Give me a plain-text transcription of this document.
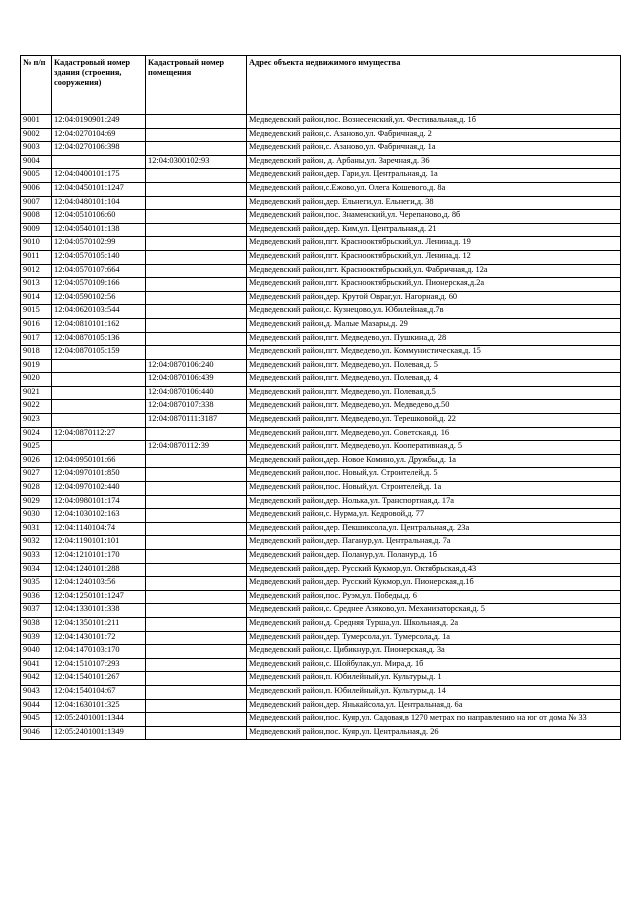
№ п/п	Кадастровый номер здания (строения, сооружения)	Кадастровый номер помещения	Адрес объекта недвижимого имущества
9001	12:04:0190901:249		Медведевский район,пос. Вознесенский,ул. Фестивальная,д. 1б
9002	12:04:0270104:69		Медведевский район,с. Азаново,ул. Фабричная,д. 2
9003	12:04:0270106:398		Медведевский район,с. Азаново,ул. Фабричная,д. 1а
9004		12:04:0300102:93	Медведевский район, д. Арбаны,ул. Заречная,д. 36
9005	12:04:0400101:175		Медведевский район,дер. Гари,ул. Центральная,д. 1а
9006	12:04:0450101:1247		Медведевский район,с.Ежово,ул. Олега Кошевого,д. 8а
9007	12:04:0480101:104		Медведевский район,дер. Ельнеги,ул. Ельнеги,д. 38
9008	12:04:0510106:60		Медведевский район,пос. Знаменский,ул. Черепаново,д. 8б
9009	12:04:0540101:138		Медведевский район,дер. Ким,ул. Центральная,д. 21
9010	12:04:0570102:99		Медведевский район,пгт. Краснооктябрьский,ул. Ленина,д. 19
9011	12:04:0570105:140		Медведевский район,пгт. Краснооктябрьский,ул. Ленина,д. 12
9012	12:04:0570107:664		Медведевский район,пгт. Краснооктябрьский,ул. Фабричная,д. 12а
9013	12:04:0570109:166		Медведевский район,пгт. Краснооктябрьский,ул. Пионерская,д.2а
9014	12:04:0590102:56		Медведевский район,дер. Крутой Овраг,ул. Нагорная,д. 60
9015	12:04:0620103:544		Медведевский район,с. Кузнецово,ул. Юбилейная,д.7в
9016	12:04:0810101:162		Медведевский район,д. Малые Мазары,д. 29
9017	12:04:0870105:136		Медведевский район,пгт. Медведево,ул. Пушкина,д. 28
9018	12:04:0870105:159		Медведевский район,пгт. Медведево,ул. Коммунистическая,д. 15
9019		12:04:0870106:240	Медведевский район,пгт. Медведево,ул. Полевая,д. 5
9020		12:04:0870106:439	Медведевский район,пгт. Медведево,ул. Полевая,д. 4
9021		12:04:0870106:440	Медведевский район,пгт. Медведево,ул. Полевая,д.5
9022		12:04:0870107:338	Медведевский район,пгт. Медведево,ул. Медведево,д.50
9023		12:04:0870111:3187	Медведевский район,пгт. Медведево,ул. Терешковой,д. 22
9024	12:04:0870112:27		Медведевский район,пгт. Медведево,ул. Советская,д. 16
9025		12:04:0870112:39	Медведевский район,пгт. Медведево,ул. Кооперативная,д. 5
9026	12:04:0950101:66		Медведевский район,дер. Новое Комино,ул. Дружбы,д. 1а
9027	12:04:0970101:850		Медведевский район,пос. Новый,ул. Строителей,д. 5
9028	12:04:0970102:440		Медведевский район,пос. Новый,ул. Строителей,д. 1а
9029	12:04:0980101:174		Медведевский район,дер. Нолька,ул. Транспортная,д. 17а
9030	12:04:1030102:163		Медведевский район,с. Нурма,ул. Кедровой,д. 77
9031	12:04:1140104:74		Медведевский район,дер. Пекшиксола,ул. Центральная,д. 23а
9032	12:04:1190101:101		Медведевский район,дер. Паганур,ул. Центральная,д. 7а
9033	12:04:1210101:170		Медведевский район,дер. Поланур,ул. Поланур,д. 1б
9034	12:04:1240101:288		Медведевский район,дер. Русский Кукмор,ул. Октябрьская,д.43
9035	12:04:1240103:56		Медведевский район,дер. Русский Кукмор,ул. Пионерская,д.1б
9036	12:04:1250101:1247		Медведевский район,пос. Руэм,ул. Победы,д. 6
9037	12:04:1330101:338		Медведевский район,с. Среднее Азяково,ул. Механизаторская,д. 5
9038	12:04:1350101:211		Медведевский район,д. Средняя Турша,ул. Школьная,д. 2а
9039	12:04:1430101:72		Медведевский район,дер. Тумерсола,ул. Тумерсола,д. 1а
9040	12:04:1470103:170		Медведевский район,с. Цибикнур,ул. Пионерская,д. 3а
9041	12:04:1510107:293		Медведевский район,с. Шойбулак,ул. Мира,д. 1б
9042	12:04:1540101:267		Медведевский район,п. Юбилейный,ул. Культуры,д. 1
9043	12:04:1540104:67		Медведевский район,п. Юбилейный,ул. Культуры,д. 14
9044	12:04:1630101:325		Медведевский район,дер. Янькайсола,ул. Центральная,д. 6а
9045	12:05:2401001:1344		Медведевский район,пос. Куяр,ул. Садовая,в 1270 метрах по направлению на юг от дома № 33
9046	12:05:2401001:1349		Медведевский район,пос. Куяр,ул. Центральная,д. 26
